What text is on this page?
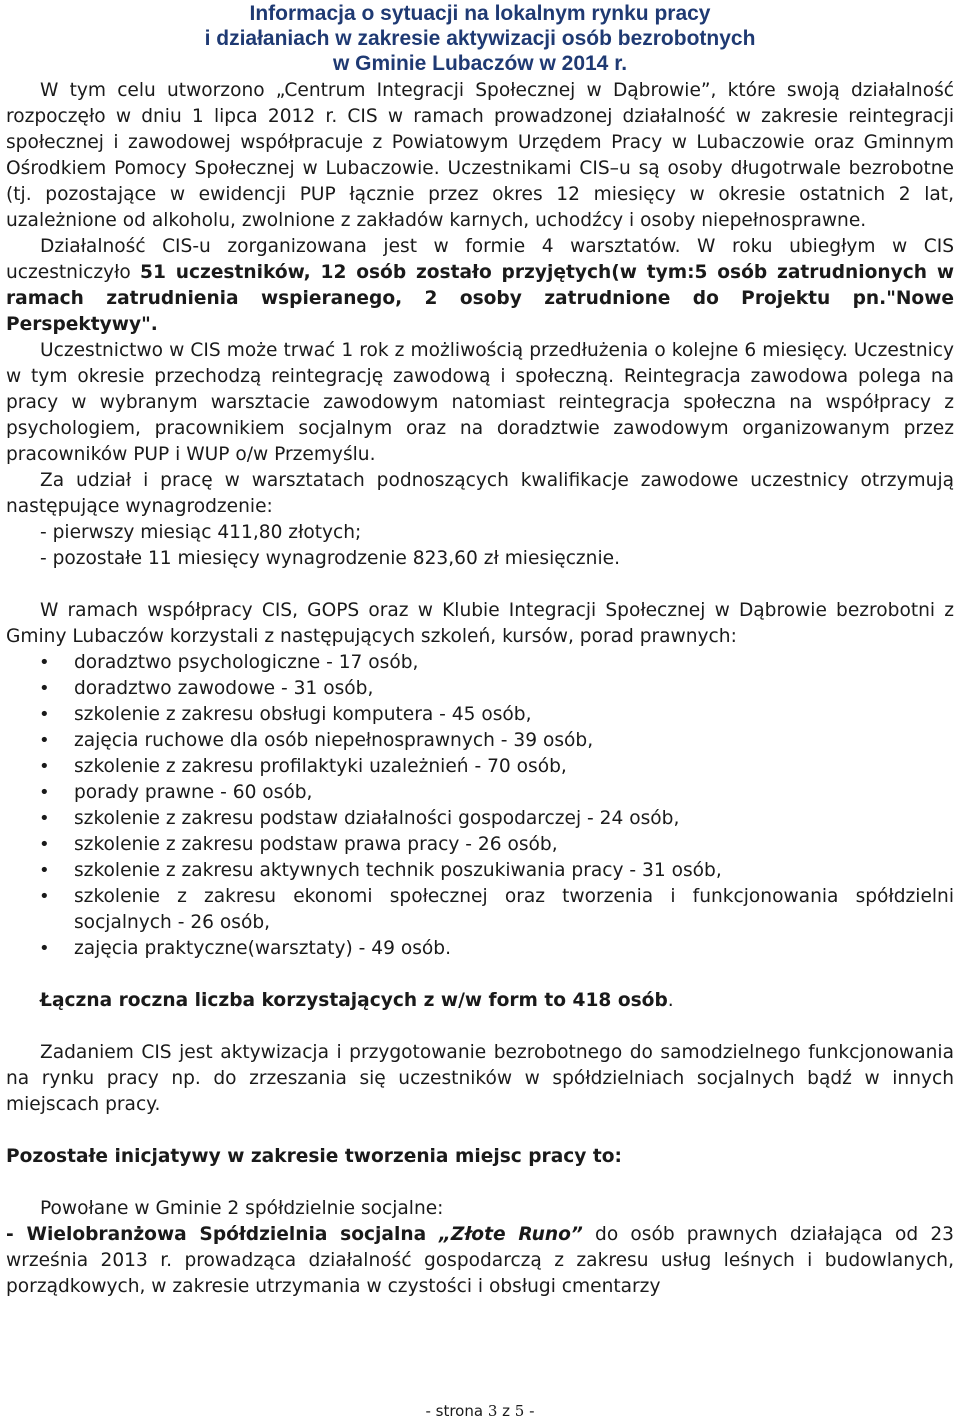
Informacja o sytuacji na lokalnym rynku pracy
i działaniach w zakresie aktywizacji osób bezrobotnych
w Gminie Lubaczów w 2014 r.

W tym celu utworzono „Centrum Integracji Społecznej w Dąbrowie”, które swoją działalność rozpoczęło w dniu 1 lipca 2012 r. CIS w ramach prowadzonej działalność w zakresie reintegracji społecznej i zawodowej współpracuje z Powiatowym Urzędem Pracy w Lubaczowie oraz Gminnym Ośrodkiem Pomocy Społecznej w Lubaczowie. Uczestnikami CIS–u są osoby długotrwale bezrobotne (tj. pozostające w ewidencji PUP łącznie przez okres 12 miesięcy w okresie ostatnich 2 lat, uzależnione od alkoholu, zwolnione z zakładów karnych, uchodźcy i osoby niepełnosprawne.

Działalność CIS-u zorganizowana jest w formie 4 warsztatów. W roku ubiegłym w CIS uczestniczyło 51 uczestników, 12 osób zostało przyjętych(w tym:5 osób zatrudnionych w ramach zatrudnienia wspieranego, 2 osoby zatrudnione do Projektu pn."Nowe Perspektywy".

Uczestnictwo w CIS może trwać 1 rok z możliwością przedłużenia o kolejne 6 miesięcy. Uczestnicy w tym okresie przechodzą reintegrację zawodową i społeczną. Reintegracja zawodowa polega na pracy w wybranym warsztacie zawodowym natomiast reintegracja społeczna na współpracy z psychologiem, pracownikiem socjalnym oraz na doradztwie zawodowym organizowanym przez pracowników PUP i WUP o/w Przemyślu.

Za udział i pracę w warsztatach podnoszących kwalifikacje zawodowe uczestnicy otrzymują następujące wynagrodzenie:

- pierwszy miesiąc 411,80 złotych;
- pozostałe 11 miesięcy wynagrodzenie 823,60 zł miesięcznie.

W ramach współpracy CIS, GOPS oraz w Klubie Integracji Społecznej w Dąbrowie bezrobotni z Gminy Lubaczów korzystali z następujących szkoleń, kursów, porad prawnych:

• doradztwo psychologiczne - 17 osób,
• doradztwo zawodowe - 31 osób,
• szkolenie z zakresu obsługi komputera - 45 osób,
• zajęcia ruchowe dla osób niepełnosprawnych - 39 osób,
• szkolenie z zakresu profilaktyki uzależnień - 70 osób,
• porady prawne - 60 osób,
• szkolenie z zakresu podstaw działalności gospodarczej - 24 osób,
• szkolenie z zakresu podstaw prawa pracy - 26 osób,
• szkolenie z zakresu aktywnych technik poszukiwania pracy - 31 osób,
• szkolenie z zakresu ekonomi społecznej oraz tworzenia i funkcjonowania spółdzielni socjalnych - 26 osób,
• zajęcia praktyczne(warsztaty) - 49 osób.

Łączna roczna liczba korzystających z w/w form to 418 osób.

Zadaniem CIS jest aktywizacja i przygotowanie bezrobotnego do samodzielnego funkcjonowania na rynku pracy np. do zrzeszania się uczestników w spółdzielniach socjalnych bądź w innych miejscach pracy.

Pozostałe inicjatywy w zakresie tworzenia miejsc pracy to:

Powołane w Gminie 2 spółdzielnie socjalne:

- Wielobranżowa Spółdzielnia socjalna „Złote Runo” do osób prawnych działająca od 23 września 2013 r. prowadząca działalność gospodarczą z zakresu usług leśnych i budowlanych, porządkowych, w zakresie utrzymania w czystości i obsługi cmentarzy

- strona 3 z 5 -
